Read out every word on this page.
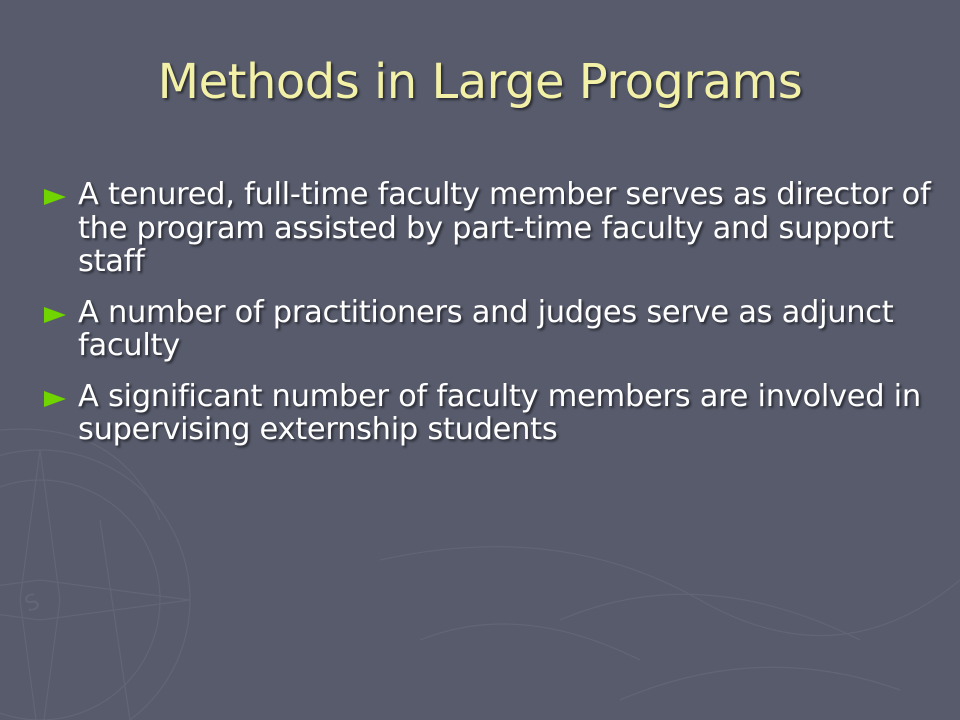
S
Methods in Large Programs
A tenured, full-time faculty member serves as director of the program assisted by part-time faculty and support staff
A number of practitioners and judges serve as adjunct faculty
A significant number of faculty members are involved in supervising externship students
